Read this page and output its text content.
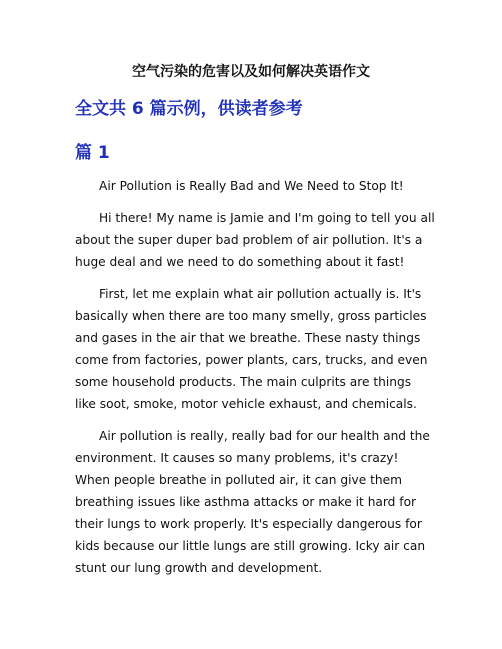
空气污染的危害以及如何解决英语作文
全文共 6 篇示例，供读者参考
篇 1

Air Pollution is Really Bad and We Need to Stop It!

Hi there! My name is Jamie and I'm going to tell you all about the super duper bad problem of air pollution. It's a huge deal and we need to do something about it fast!

First, let me explain what air pollution actually is. It's basically when there are too many smelly, gross particles and gases in the air that we breathe. These nasty things come from factories, power plants, cars, trucks, and even some household products. The main culprits are things like soot, smoke, motor vehicle exhaust, and chemicals.

Air pollution is really, really bad for our health and the environment. It causes so many problems, it's crazy! When people breathe in polluted air, it can give them breathing issues like asthma attacks or make it hard for their lungs to work properly. It's especially dangerous for kids because our little lungs are still growing. Icky air can stunt our lung growth and development.
